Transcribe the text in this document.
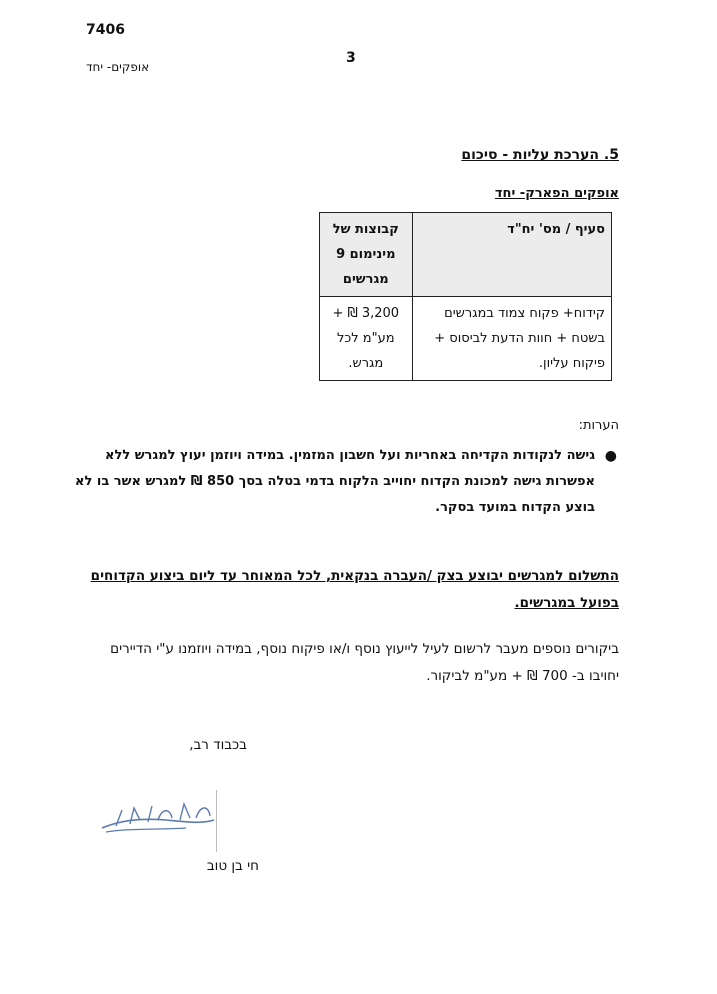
7406
3
אופקים- יחד
5. הערכת עליות - סיכום
אופקים הפארק- יחד
סעיף / מס' יח"ד	קבוצות של מינימום 9 מגרשים
קידוח+ פקוח צמוד במגרשים בשטח + חוות הדעת לביסוס + פיקוח עליון.	3,200 ₪ + מע"מ לכל מגרש.
הערות:
●
גישה לנקודות הקדיחה באחריות ועל חשבון המזמין. במידה ויוזמן יעוץ למגרש ללא אפשרות גישה למכונת הקדוח יחוייב הלקוח בדמי בטלה בסך 850 ₪ למגרש אשר בו לא בוצע הקדוח במועד בסקר.
התשלום למגרשים יבוצע בצק /העברה בנקאית, לכל המאוחר עד ליום ביצוע הקדוחים בפועל במגרשים.
ביקורים נוספים מעבר לרשום לעיל לייעוץ נוסף ו/או פיקוח נוסף, במידה ויוזמנו ע"י הדיירים יחויבו ב- 700 ₪ + מע"מ לביקור.
בכבוד רב,
חי בן טוב
